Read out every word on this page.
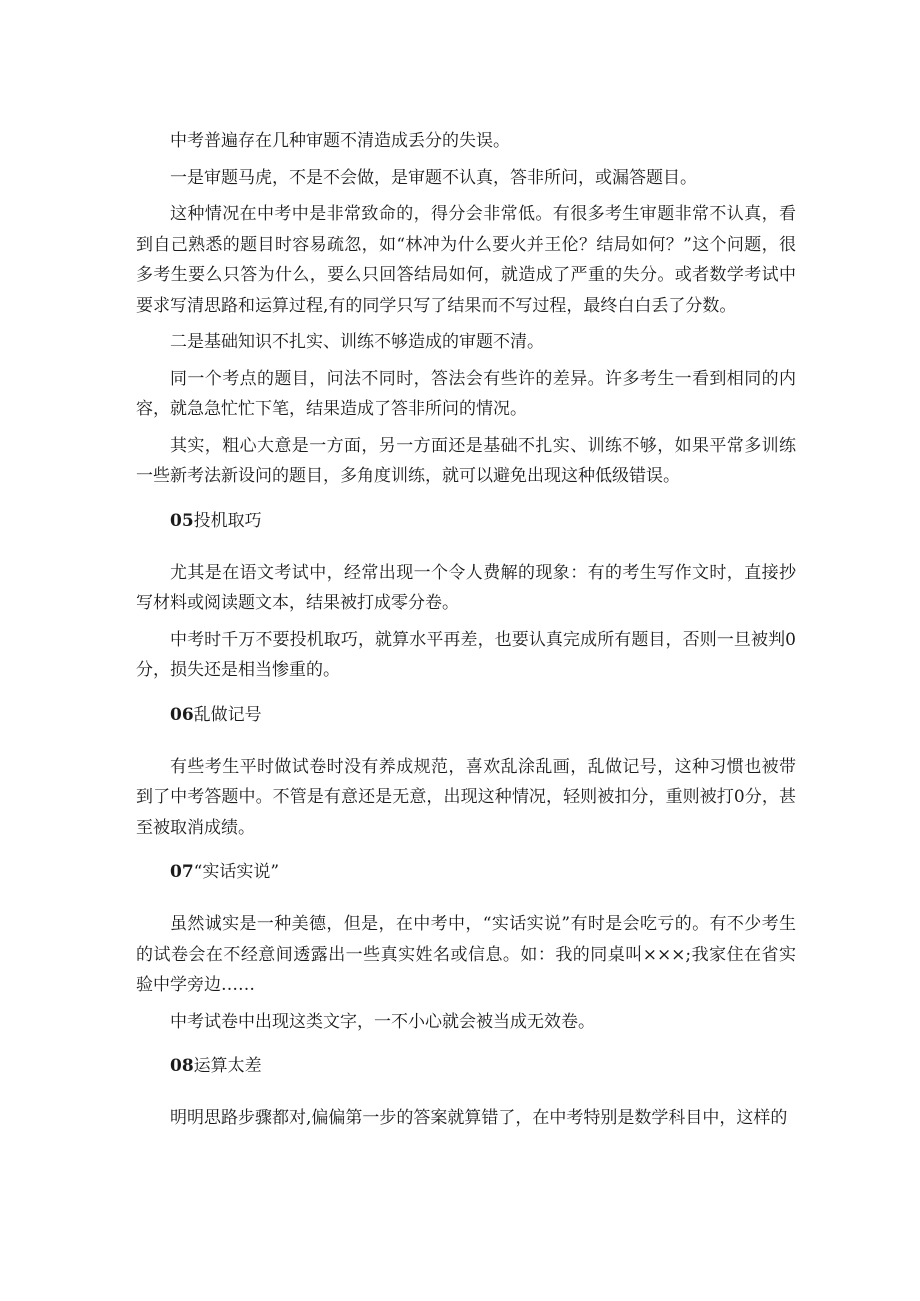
中考普遍存在几种审题不清造成丢分的失误。

一是审题马虎，不是不会做，是审题不认真，答非所问，或漏答题目。

这种情况在中考中是非常致命的，得分会非常低。有很多考生审题非常不认真，看到自己熟悉的题目时容易疏忽，如“林冲为什么要火并王伦？结局如何？”这个问题，很多考生要么只答为什么，要么只回答结局如何，就造成了严重的失分。或者数学考试中要求写清思路和运算过程,有的同学只写了结果而不写过程，最终白白丢了分数。

二是基础知识不扎实、训练不够造成的审题不清。

同一个考点的题目，问法不同时，答法会有些许的差异。许多考生一看到相同的内容，就急急忙忙下笔，结果造成了答非所问的情况。

其实，粗心大意是一方面，另一方面还是基础不扎实、训练不够，如果平常多训练一些新考法新设问的题目，多角度训练，就可以避免出现这种低级错误。

05投机取巧

尤其是在语文考试中，经常出现一个令人费解的现象：有的考生写作文时，直接抄写材料或阅读题文本，结果被打成零分卷。

中考时千万不要投机取巧，就算水平再差，也要认真完成所有题目，否则一旦被判0分，损失还是相当惨重的。

06乱做记号

有些考生平时做试卷时没有养成规范，喜欢乱涂乱画，乱做记号，这种习惯也被带到了中考答题中。不管是有意还是无意，出现这种情况，轻则被扣分，重则被打0分，甚至被取消成绩。

07“实话实说”

虽然诚实是一种美德，但是，在中考中，“实话实说”有时是会吃亏的。有不少考生的试卷会在不经意间透露出一些真实姓名或信息。如：我的同桌叫×××;我家住在省实验中学旁边……

中考试卷中出现这类文字，一不小心就会被当成无效卷。

08运算太差

明明思路步骤都对,偏偏第一步的答案就算错了，在中考特别是数学科目中，这样的
